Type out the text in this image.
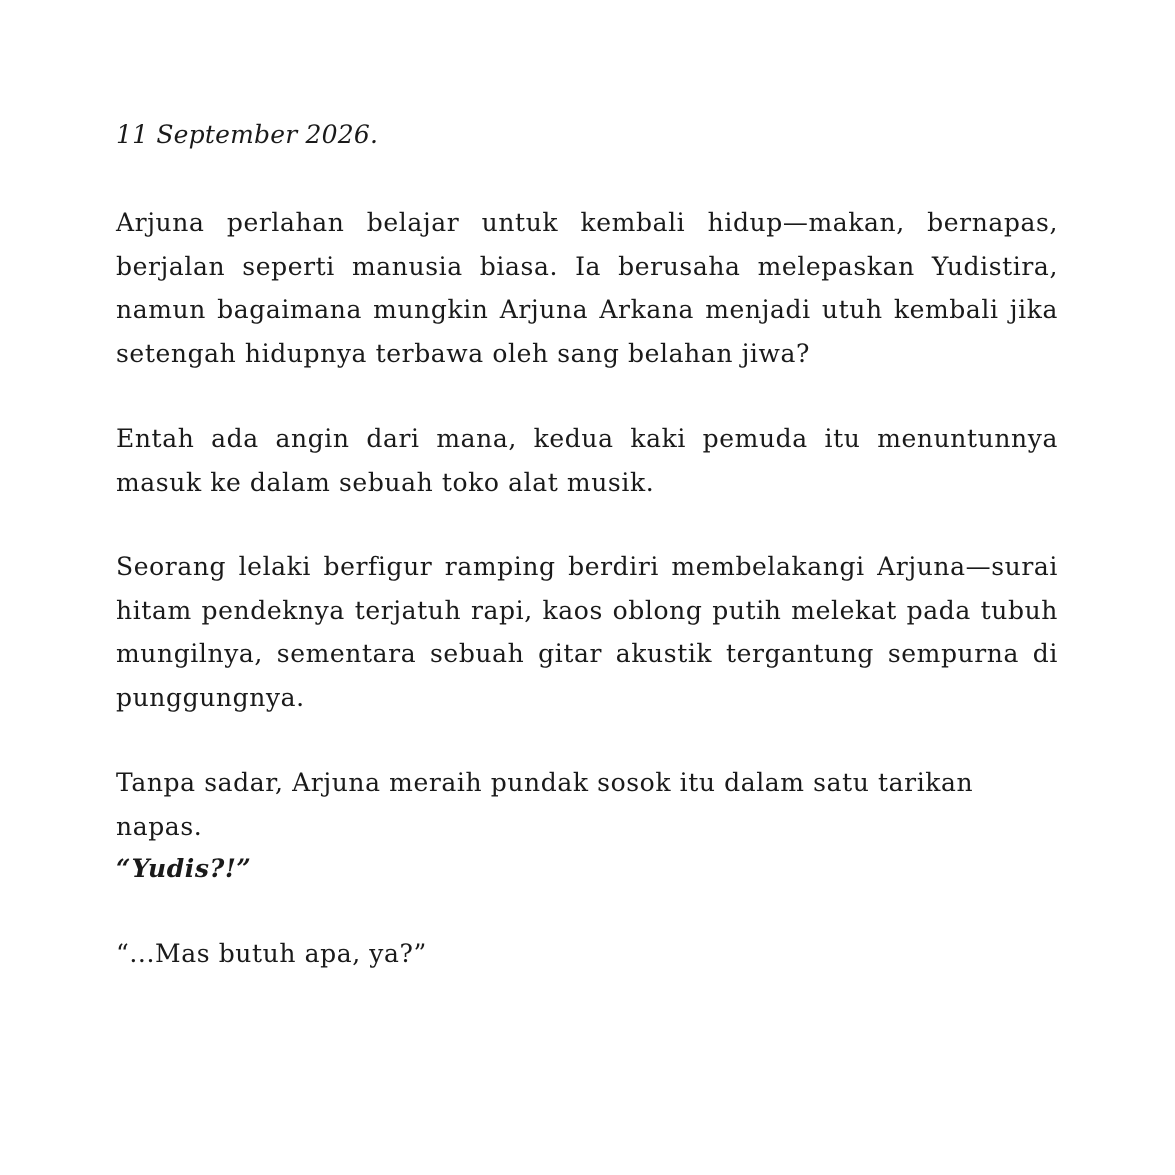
11 September 2026.

Arjuna perlahan belajar untuk kembali hidup—makan, bernapas, berjalan seperti manusia biasa. Ia berusaha melepaskan Yudistira, namun bagaimana mungkin Arjuna Arkana menjadi utuh kembali jika setengah hidupnya terbawa oleh sang belahan jiwa?

Entah ada angin dari mana, kedua kaki pemuda itu menuntunnya masuk ke dalam sebuah toko alat musik.

Seorang lelaki berfigur ramping berdiri membelakangi Arjuna—surai hitam pendeknya terjatuh rapi, kaos oblong putih melekat pada tubuh mungilnya, sementara sebuah gitar akustik tergantung sempurna di punggungnya.

Tanpa sadar, Arjuna meraih pundak sosok itu dalam satu tarikan napas.

“Yudis?!”

“...Mas butuh apa, ya?”
